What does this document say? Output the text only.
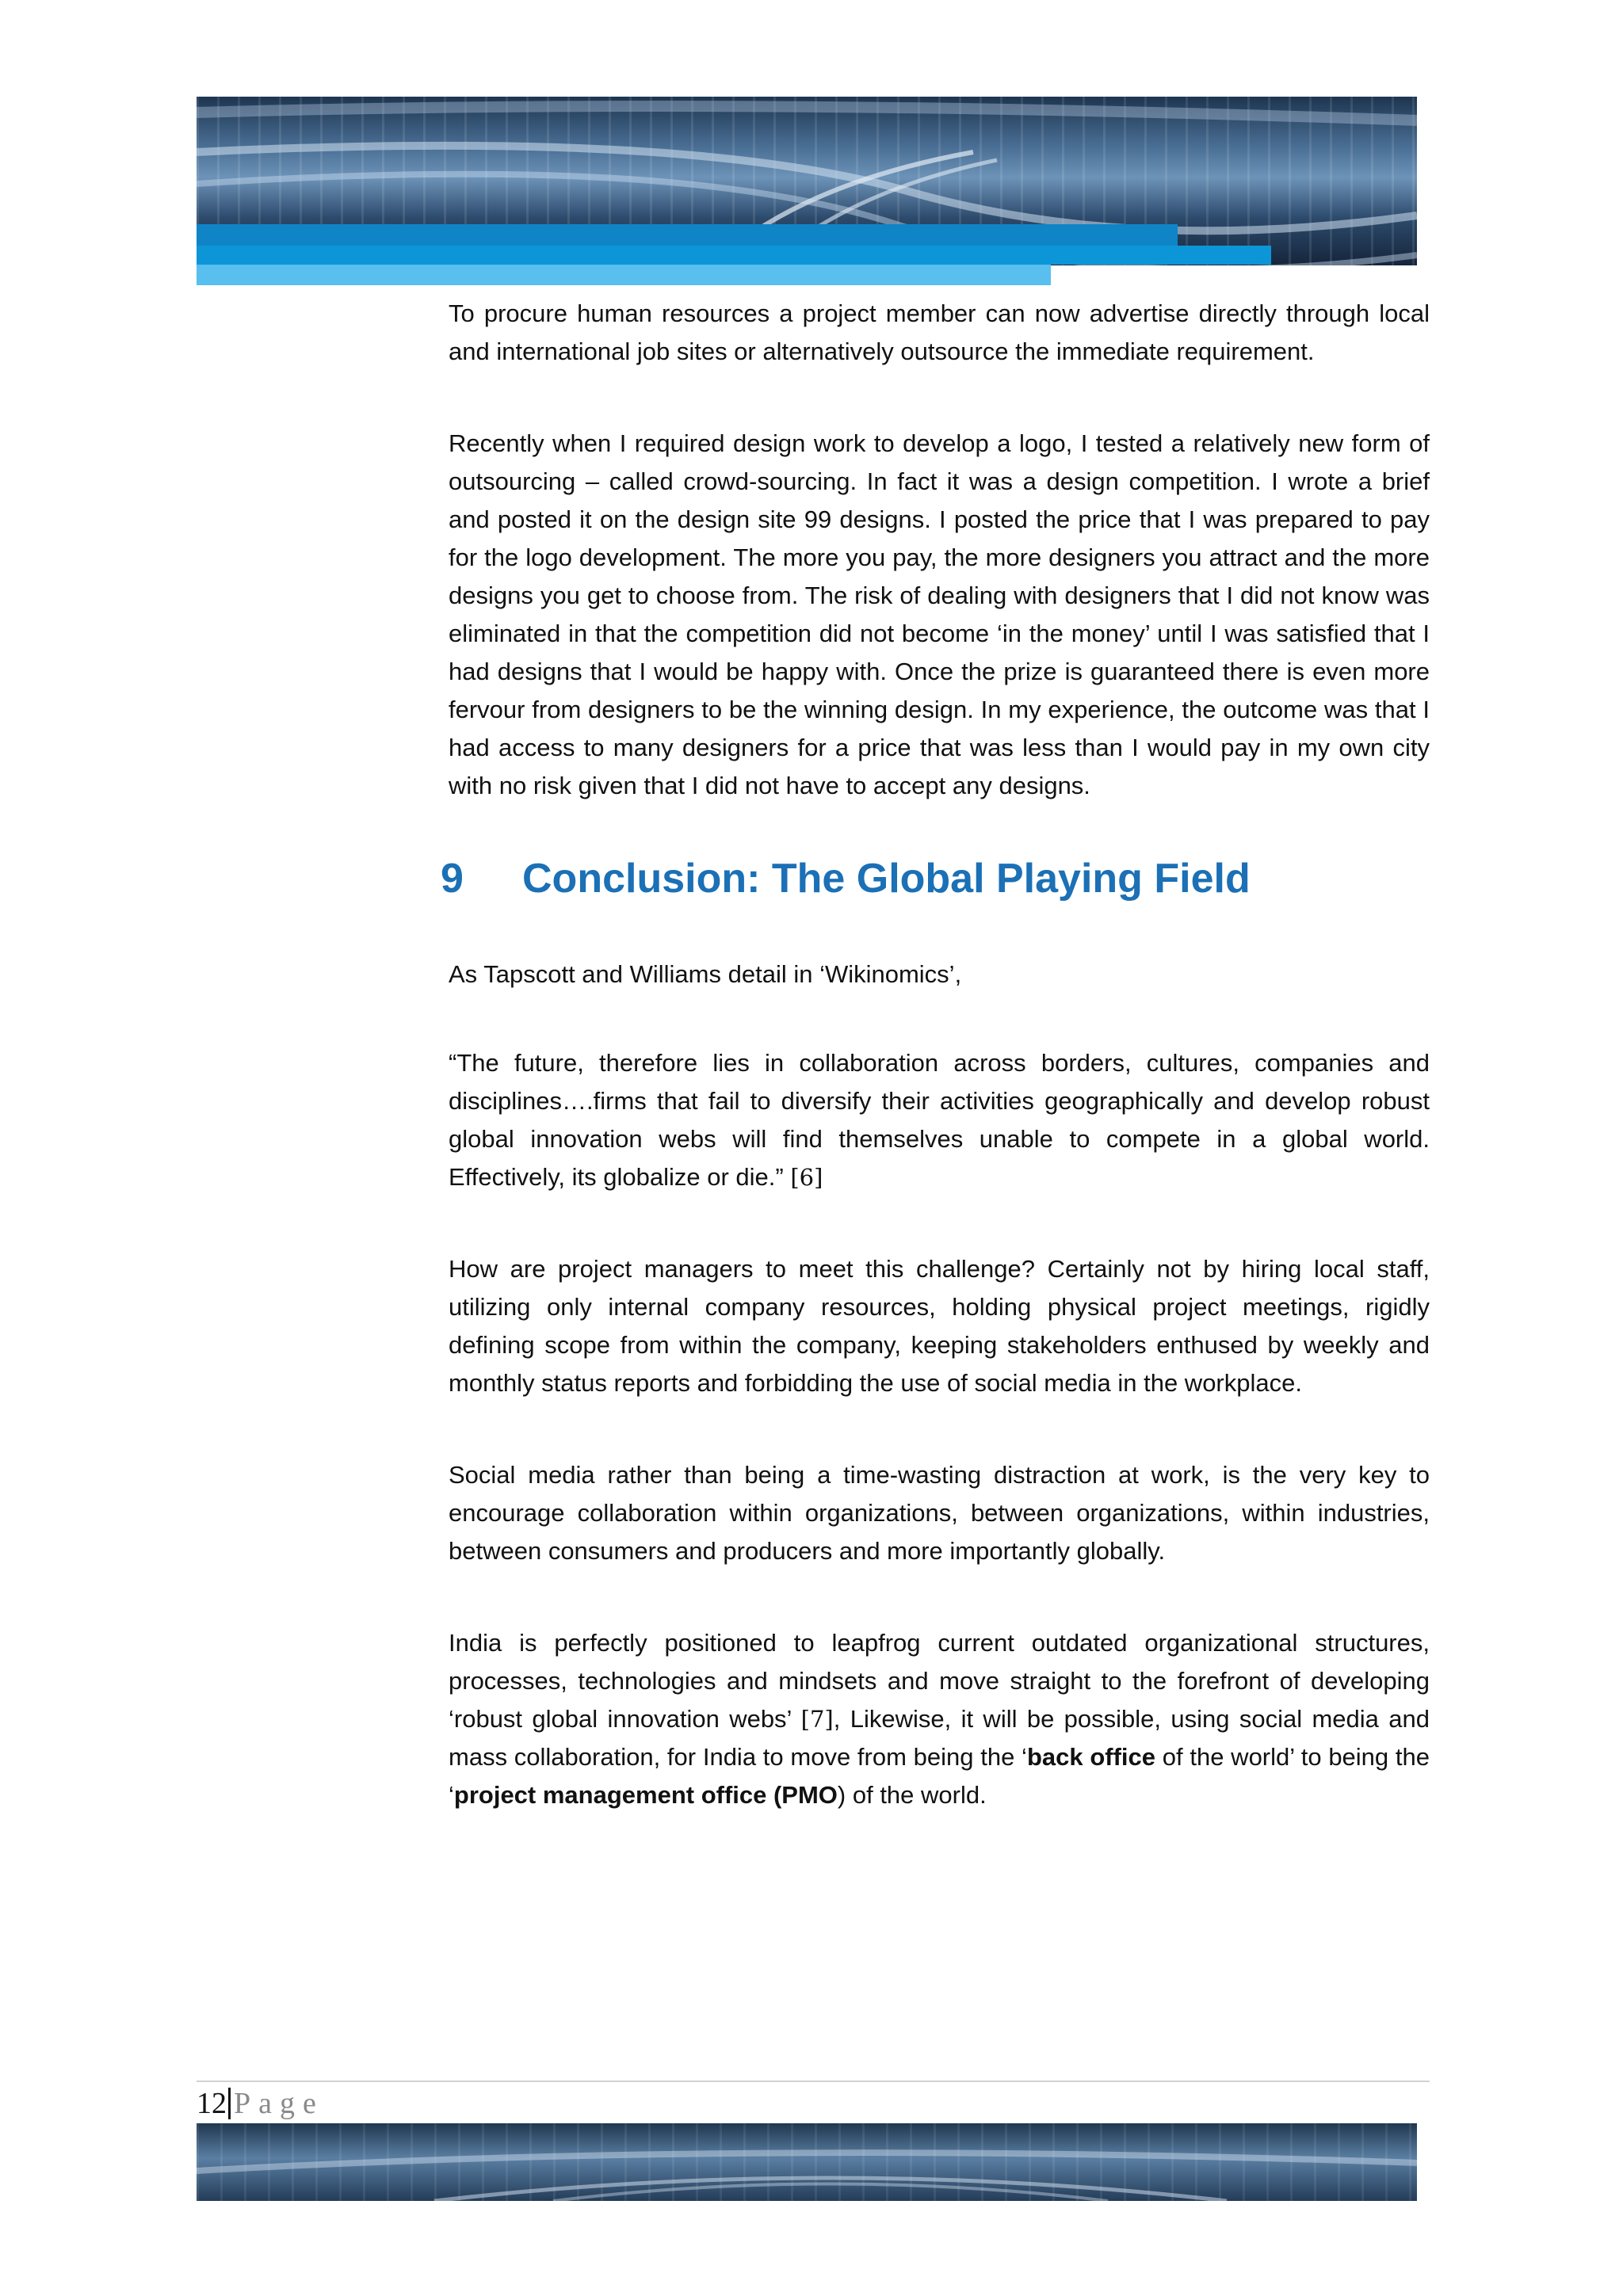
To procure human resources a project member can now advertise directly through local and international job sites or alternatively outsource the immediate requirement.

Recently when I required design work to develop a logo, I tested a relatively new form of outsourcing – called crowd-sourcing. In fact it was a design competition. I wrote a brief and posted it on the design site 99 designs. I posted the price that I was prepared to pay for the logo development. The more you pay, the more designers you attract and the more designs you get to choose from. The risk of dealing with designers that I did not know was eliminated in that the competition did not become ‘in the money’ until I was satisfied that I had designs that I would be happy with. Once the prize is guaranteed there is even more fervour from designers to be the winning design. In my experience, the outcome was that I had access to many designers for a price that was less than I would pay in my own city with no risk given that I did not have to accept any designs.

9	Conclusion: The Global Playing Field

As Tapscott and Williams detail in ‘Wikinomics’,

“The future, therefore lies in collaboration across borders, cultures, companies and disciplines….firms that fail to diversify their activities geographically and develop robust global innovation webs will find themselves unable to compete in a global world. Effectively, its globalize or die.” [6]

How are project managers to meet this challenge? Certainly not by hiring local staff, utilizing only internal company resources, holding physical project meetings, rigidly defining scope from within the company, keeping stakeholders enthused by weekly and monthly status reports and forbidding the use of social media in the workplace.

Social media rather than being a time-wasting distraction at work, is the very key to encourage collaboration within organizations, between organizations, within industries, between consumers and producers and more importantly globally.

India is perfectly positioned to leapfrog current outdated organizational structures, processes, technologies and mindsets and move straight to the forefront of developing ‘robust global innovation webs’ [7], Likewise, it will be possible, using social media and mass collaboration, for India to move from being the ‘back office of the world’ to being the ‘project management office (PMO) of the world.

12 Page
